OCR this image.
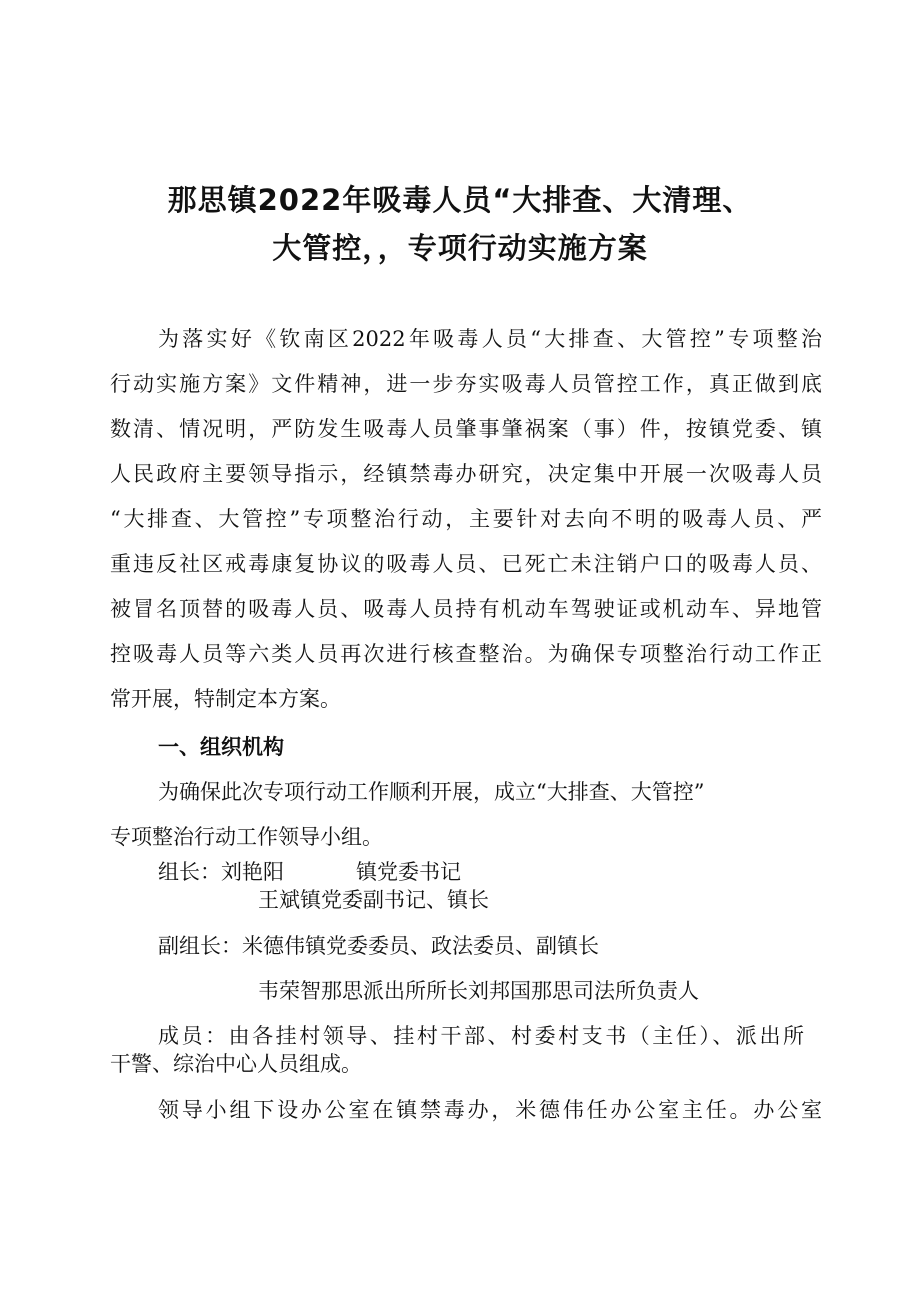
那思镇2022年吸毒人员“大排查、大清理、
大管控，，专项行动实施方案
为落实好《钦南区2022年吸毒人员“大排查、大管控”专项整治
行动实施方案》文件精神，进一步夯实吸毒人员管控工作，真正做到底
数清、情况明，严防发生吸毒人员肇事肇祸案（事）件，按镇党委、镇
人民政府主要领导指示，经镇禁毒办研究，决定集中开展一次吸毒人员
“大排查、大管控”专项整治行动，主要针对去向不明的吸毒人员、严
重违反社区戒毒康复协议的吸毒人员、已死亡未注销户口的吸毒人员、
被冒名顶替的吸毒人员、吸毒人员持有机动车驾驶证或机动车、异地管
控吸毒人员等六类人员再次进行核查整治。为确保专项整治行动工作正
常开展，特制定本方案。
一、组织机构
为确保此次专项行动工作顺利开展，成立“大排查、大管控”
专项整治行动工作领导小组。
组长：刘艳阳	镇党委书记
王斌镇党委副书记、镇长
副组长：米德伟镇党委委员、政法委员、副镇长
韦荣智那思派出所所长刘邦国那思司法所负责人
成员：由各挂村领导、挂村干部、村委村支书（主任）、派出所
干警、综治中心人员组成。
领导小组下设办公室在镇禁毒办，米德伟任办公室主任。办公室
